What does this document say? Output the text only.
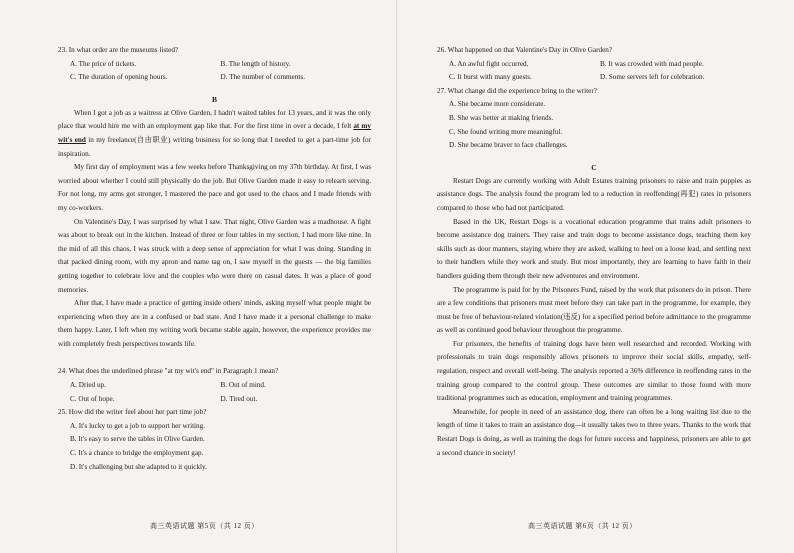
23. In what order are the museums listed?

A. The price of tickets.	B. The length of history.
C. The duration of opening hours.	D. The number of comments.
B

When I got a job as a waitress at Olive Garden, I hadn't waited tables for 13 years, and it was the only place that would hire me with an employment gap like that. For the first time in over a decade, I felt at my wit's end in my freelance(自由职业) writing business for so long that I needed to get a part-time job for inspiration.

My first day of employment was a few weeks before Thanksgiving on my 37th birthday. At first, I was worried about whether I could still physically do the job. But Olive Garden made it easy to relearn serving. For not long, my arms got stronger, I mastered the pace and got used to the chaos and I made friends with my co-workers.

On Valentine's Day, I was surprised by what I saw. That night, Olive Garden was a madhouse. A fight was about to break out in the kitchen. Instead of three or four tables in my section, I had more like nine. In the mid of all this chaos, I was struck with a deep sense of appreciation for what I was doing. Standing in that packed dining room, with my apron and name tag on, I saw myself in the guests — the big families getting together to celebrate love and the couples who were there on casual dates. It was a place of good memories.

After that, I have made a practice of getting inside others' minds, asking myself what people might be experiencing when they are in a confused or bad state. And I have made it a personal challenge to make them happy. Later, I left when my writing work became stable again, however, the experience provides me with completely fresh perspectives towards life.

24. What does the underlined phrase "at my wit's end" in Paragraph 1 mean?

A. Dried up.	B. Out of mind.
C. Out of hope.	D. Tired out.

25. How did the writer feel about her part time job?

A. It's lucky to get a job to support her writing.
B. It's easy to serve the tables in Olive Garden.
C. It's a chance to bridge the employment gap.
D. It's challenging but she adapted to it quickly.
高三英语试题 第5页（共 12 页）

26. What happened on that Valentine's Day in Olive Garden?

A. An awful fight occurred.	B. It was crowded with mad people.
C. It burst with many guests.	D. Some servers left for celebration.

27. What change did the experience bring to the writer?

A. She became more considerate.
B. She was better at making friends.
C. She found writing more meaningful.
D. She became braver to face challenges.
C

Restart Dogs are currently working with Adult Estates training prisoners to raise and train puppies as assistance dogs. The analysis found the program led to a reduction in reoffending(再犯) rates in prisoners compared to those who had not participated.

Based in the UK, Restart Dogs is a vocational education programme that trains adult prisoners to become assistance dog trainers. They raise and train dogs to become assistance dogs, teaching them key skills such as door manners, staying where they are asked, walking to heel on a loose lead, and settling next to their handlers while they work and study. But most importantly, they are learning to have faith in their handlers guiding them through their new adventures and environment.

The programme is paid for by the Prisoners Fund, raised by the work that prisoners do in prison. There are a few conditions that prisoners must meet before they can take part in the programme, for example, they must be free of behaviour-related violation(违反) for a specified period before admittance to the programme as well as continued good behaviour throughout the programme.

For prisoners, the benefits of training dogs have been well researched and recorded. Working with professionals to train dogs responsibly allows prisoners to improve their social skills, empathy, self-regulation, respect and overall well-being. The analysis reported a 36% difference in reoffending rates in the training group compared to the control group. These outcomes are similar to those found with more traditional programmes such as education, employment and training programmes.

Meanwhile, for people in need of an assistance dog, there can often be a long waiting list due to the length of time it takes to train an assistance dog—it usually takes two to three years. Thanks to the work that Restart Dogs is doing, as well as training the dogs for future success and happiness, prisoners are able to get a second chance in society!

高三英语试题 第6页（共 12 页）
